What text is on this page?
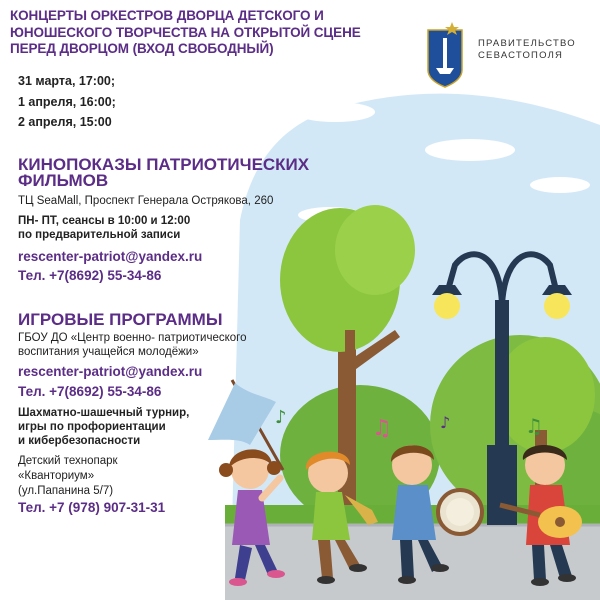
♫	♪	♫
♪
КОНЦЕРТЫ ОРКЕСТРОВ ДВОРЦА ДЕТСКОГО И ЮНОШЕСКОГО ТВОРЧЕСТВА НА ОТКРЫТОЙ СЦЕНЕ ПЕРЕД ДВОРЦОМ (ВХОД СВОБОДНЫЙ)
31 марта, 17:00;
1 апреля, 16:00;
2 апреля, 15:00
КИНОПОКАЗЫ ПАТРИОТИЧЕСКИХ
ФИЛЬМОВ
ТЦ SeaMall, Проспект Генерала Острякова, 260
ПН- ПТ, сеансы в 10:00 и 12:00
по предварительной записи
rescenter-patriot@yandex.ru
Тел. +7(8692) 55-34-86
ИГРОВЫЕ ПРОГРАММЫ
ГБОУ ДО «Центр военно- патриотического
воспитания учащейся молодёжи»
rescenter-patriot@yandex.ru
Тел. +7(8692) 55-34-86
Шахматно-шашечный турнир,
игры по профориентации
и кибербезопасности
Детский технопарк
«Кванториум»
(ул.Папанина 5/7)
Тел. +7 (978) 907-31-31
ПРАВИТЕЛЬСТВО
СЕВАСТОПОЛЯ
